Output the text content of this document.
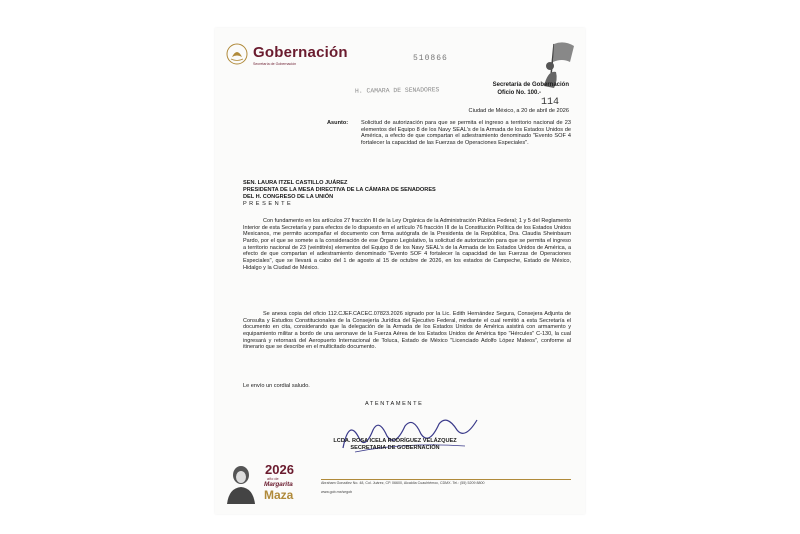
Gobernación
Secretaría de Gobernación
510866
H. CAMARA DE SENADORES
Secretaría de Gobernación
Oficio No. 100.-
114
Ciudad de México, a 20 de abril de 2026
Asunto: Solicitud de autorización para que se permita el ingreso a territorio nacional de 23 elementos del Equipo 8 de los Navy SEAL's de la Armada de los Estados Unidos de América, a efecto de que compartan el adiestramiento denominado "Evento SOF 4 fortalecer la capacidad de las Fuerzas de Operaciones Especiales".
SEN. LAURA ITZEL CASTILLO JUÁREZ
PRESIDENTA DE LA MESA DIRECTIVA DE LA CÁMARA DE SENADORES
DEL H. CONGRESO DE LA UNIÓN
P R E S E N T E
Con fundamento en los artículos 27 fracción III de la Ley Orgánica de la Administración Pública Federal; 1 y 5 del Reglamento Interior de esta Secretaría y para efectos de lo dispuesto en el artículo 76 fracción III de la Constitución Política de los Estados Unidos Mexicanos, me permito acompañar el documento con firma autógrafa de la Presidenta de la República, Dra. Claudia Sheinbaum Pardo, por el que se somete a la consideración de ese Órgano Legislativo, la solicitud de autorización para que se permita el ingreso a territorio nacional de 23 (veintitrés) elementos del Equipo 8 de los Navy SEAL's de la Armada de los Estados Unidos de América, a efecto de que compartan el adiestramiento denominado "Evento SOF 4 fortalecer la capacidad de las Fuerzas de Operaciones Especiales", que se llevará a cabo del 1 de agosto al 15 de octubre de 2026, en los estados de Campeche, Estado de México, Hidalgo y la Ciudad de México.
Se anexa copia del oficio 112.CJEF.CACEC.07823.2026 signado por la Lic. Edith Hernández Segura, Consejera Adjunta de Consulta y Estudios Constitucionales de la Consejería Jurídica del Ejecutivo Federal, mediante el cual remitió a esta Secretaría el documento en cita, considerando que la delegación de la Armada de los Estados Unidos de América asistirá con armamento y equipamiento militar a bordo de una aeronave de la Fuerza Aérea de los Estados Unidos de América tipo "Hércules" C-130, la cual ingresará y retornará del Aeropuerto Internacional de Toluca, Estado de México "Licenciado Adolfo López Mateos", conforme al itinerario que se describe en el multicitado documento.
Le envío un cordial saludo.
ATENTAMENTE
LCDA. ROSA ICELA RODRÍGUEZ VELÁZQUEZ
SECRETARIA DE GOBERNACIÓN
2026
año de
Margarita
Maza
Abraham González No. 48, Col. Juárez, CP. 06600, Alcaldía Cuauhtémoc, CDMX. Tel.: (55) 5209 8800
www.gob.mx/segob
